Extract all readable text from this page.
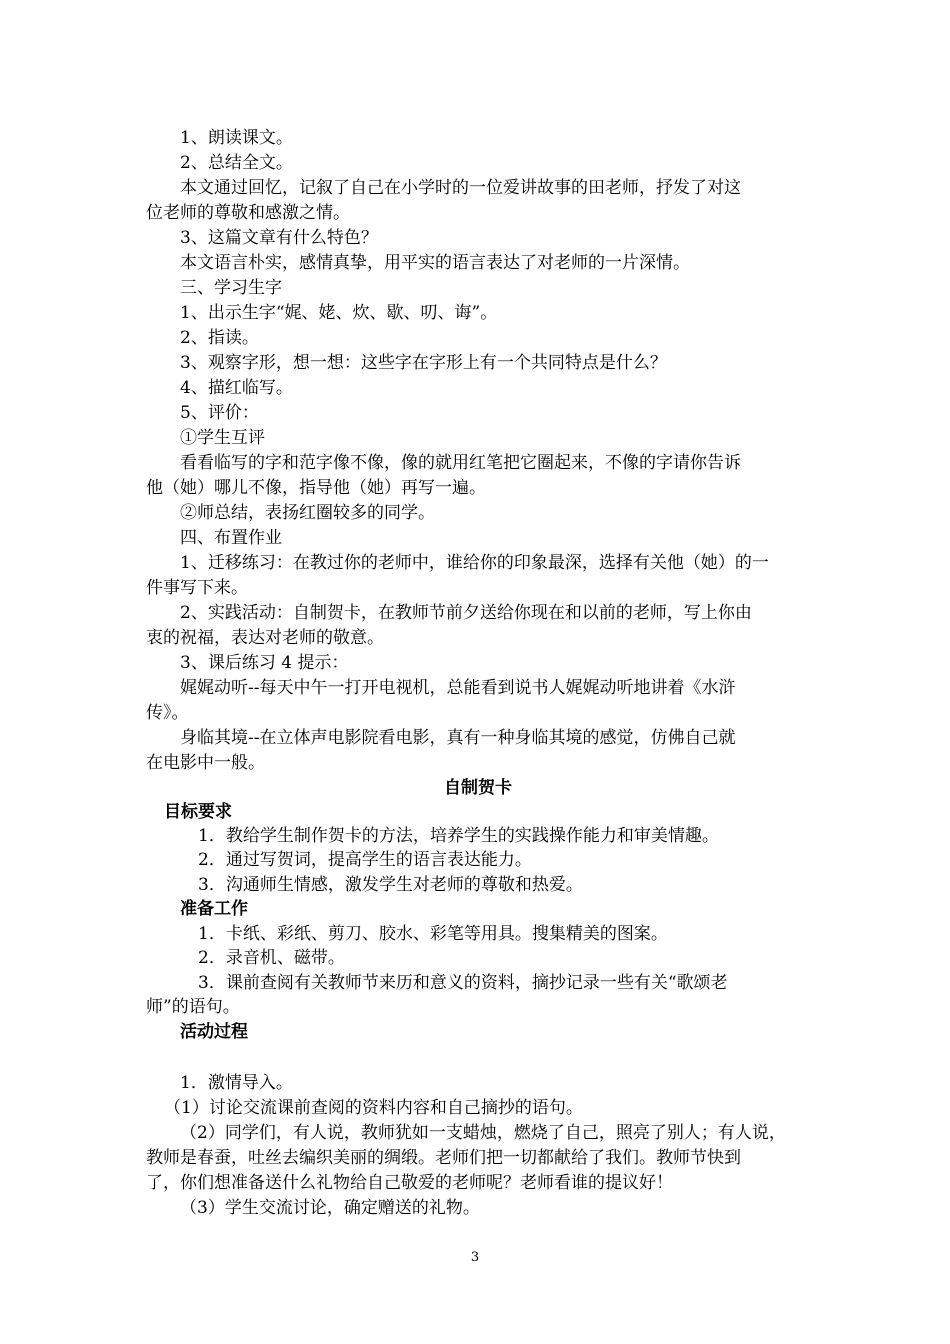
1、朗读课文。
2、总结全文。
本文通过回忆，记叙了自己在小学时的一位爱讲故事的田老师，抒发了对这
位老师的尊敬和感激之情。
3、这篇文章有什么特色？
本文语言朴实，感情真挚，用平实的语言表达了对老师的一片深情。
三、学习生字
1、出示生字“娓、姥、炊、歇、叨、诲”。
2、指读。
3、观察字形，想一想：这些字在字形上有一个共同特点是什么？
4、描红临写。
5、评价：
①学生互评
看看临写的字和范字像不像，像的就用红笔把它圈起来，不像的字请你告诉
他（她）哪儿不像，指导他（她）再写一遍。
②师总结，表扬红圈较多的同学。
四、布置作业
1、迁移练习：在教过你的老师中，谁给你的印象最深，选择有关他（她）的一
件事写下来。
2、实践活动：自制贺卡，在教师节前夕送给你现在和以前的老师，写上你由
衷的祝福，表达对老师的敬意。
3、课后练习 4 提示：
娓娓动听--每天中午一打开电视机，总能看到说书人娓娓动听地讲着《水浒
传》。
身临其境--在立体声电影院看电影，真有一种身临其境的感觉，仿佛自己就
在电影中一般。
自制贺卡
目标要求
1．教给学生制作贺卡的方法，培养学生的实践操作能力和审美情趣。
2．通过写贺词，提高学生的语言表达能力。
3．沟通师生情感，激发学生对老师的尊敬和热爱。
准备工作
1．卡纸、彩纸、剪刀、胶水、彩笔等用具。搜集精美的图案。
2．录音机、磁带。
3．课前查阅有关教师节来历和意义的资料，摘抄记录一些有关“歌颂老
师”的语句。
活动过程
1．激情导入。
（1）讨论交流课前查阅的资料内容和自己摘抄的语句。
（2）同学们，有人说，教师犹如一支蜡烛，燃烧了自己，照亮了别人；有人说，
教师是春蚕，吐丝去编织美丽的绸缎。老师们把一切都献给了我们。教师节快到
了，你们想准备送什么礼物给自己敬爱的老师呢？老师看谁的提议好！
（3）学生交流讨论，确定赠送的礼物。
3
